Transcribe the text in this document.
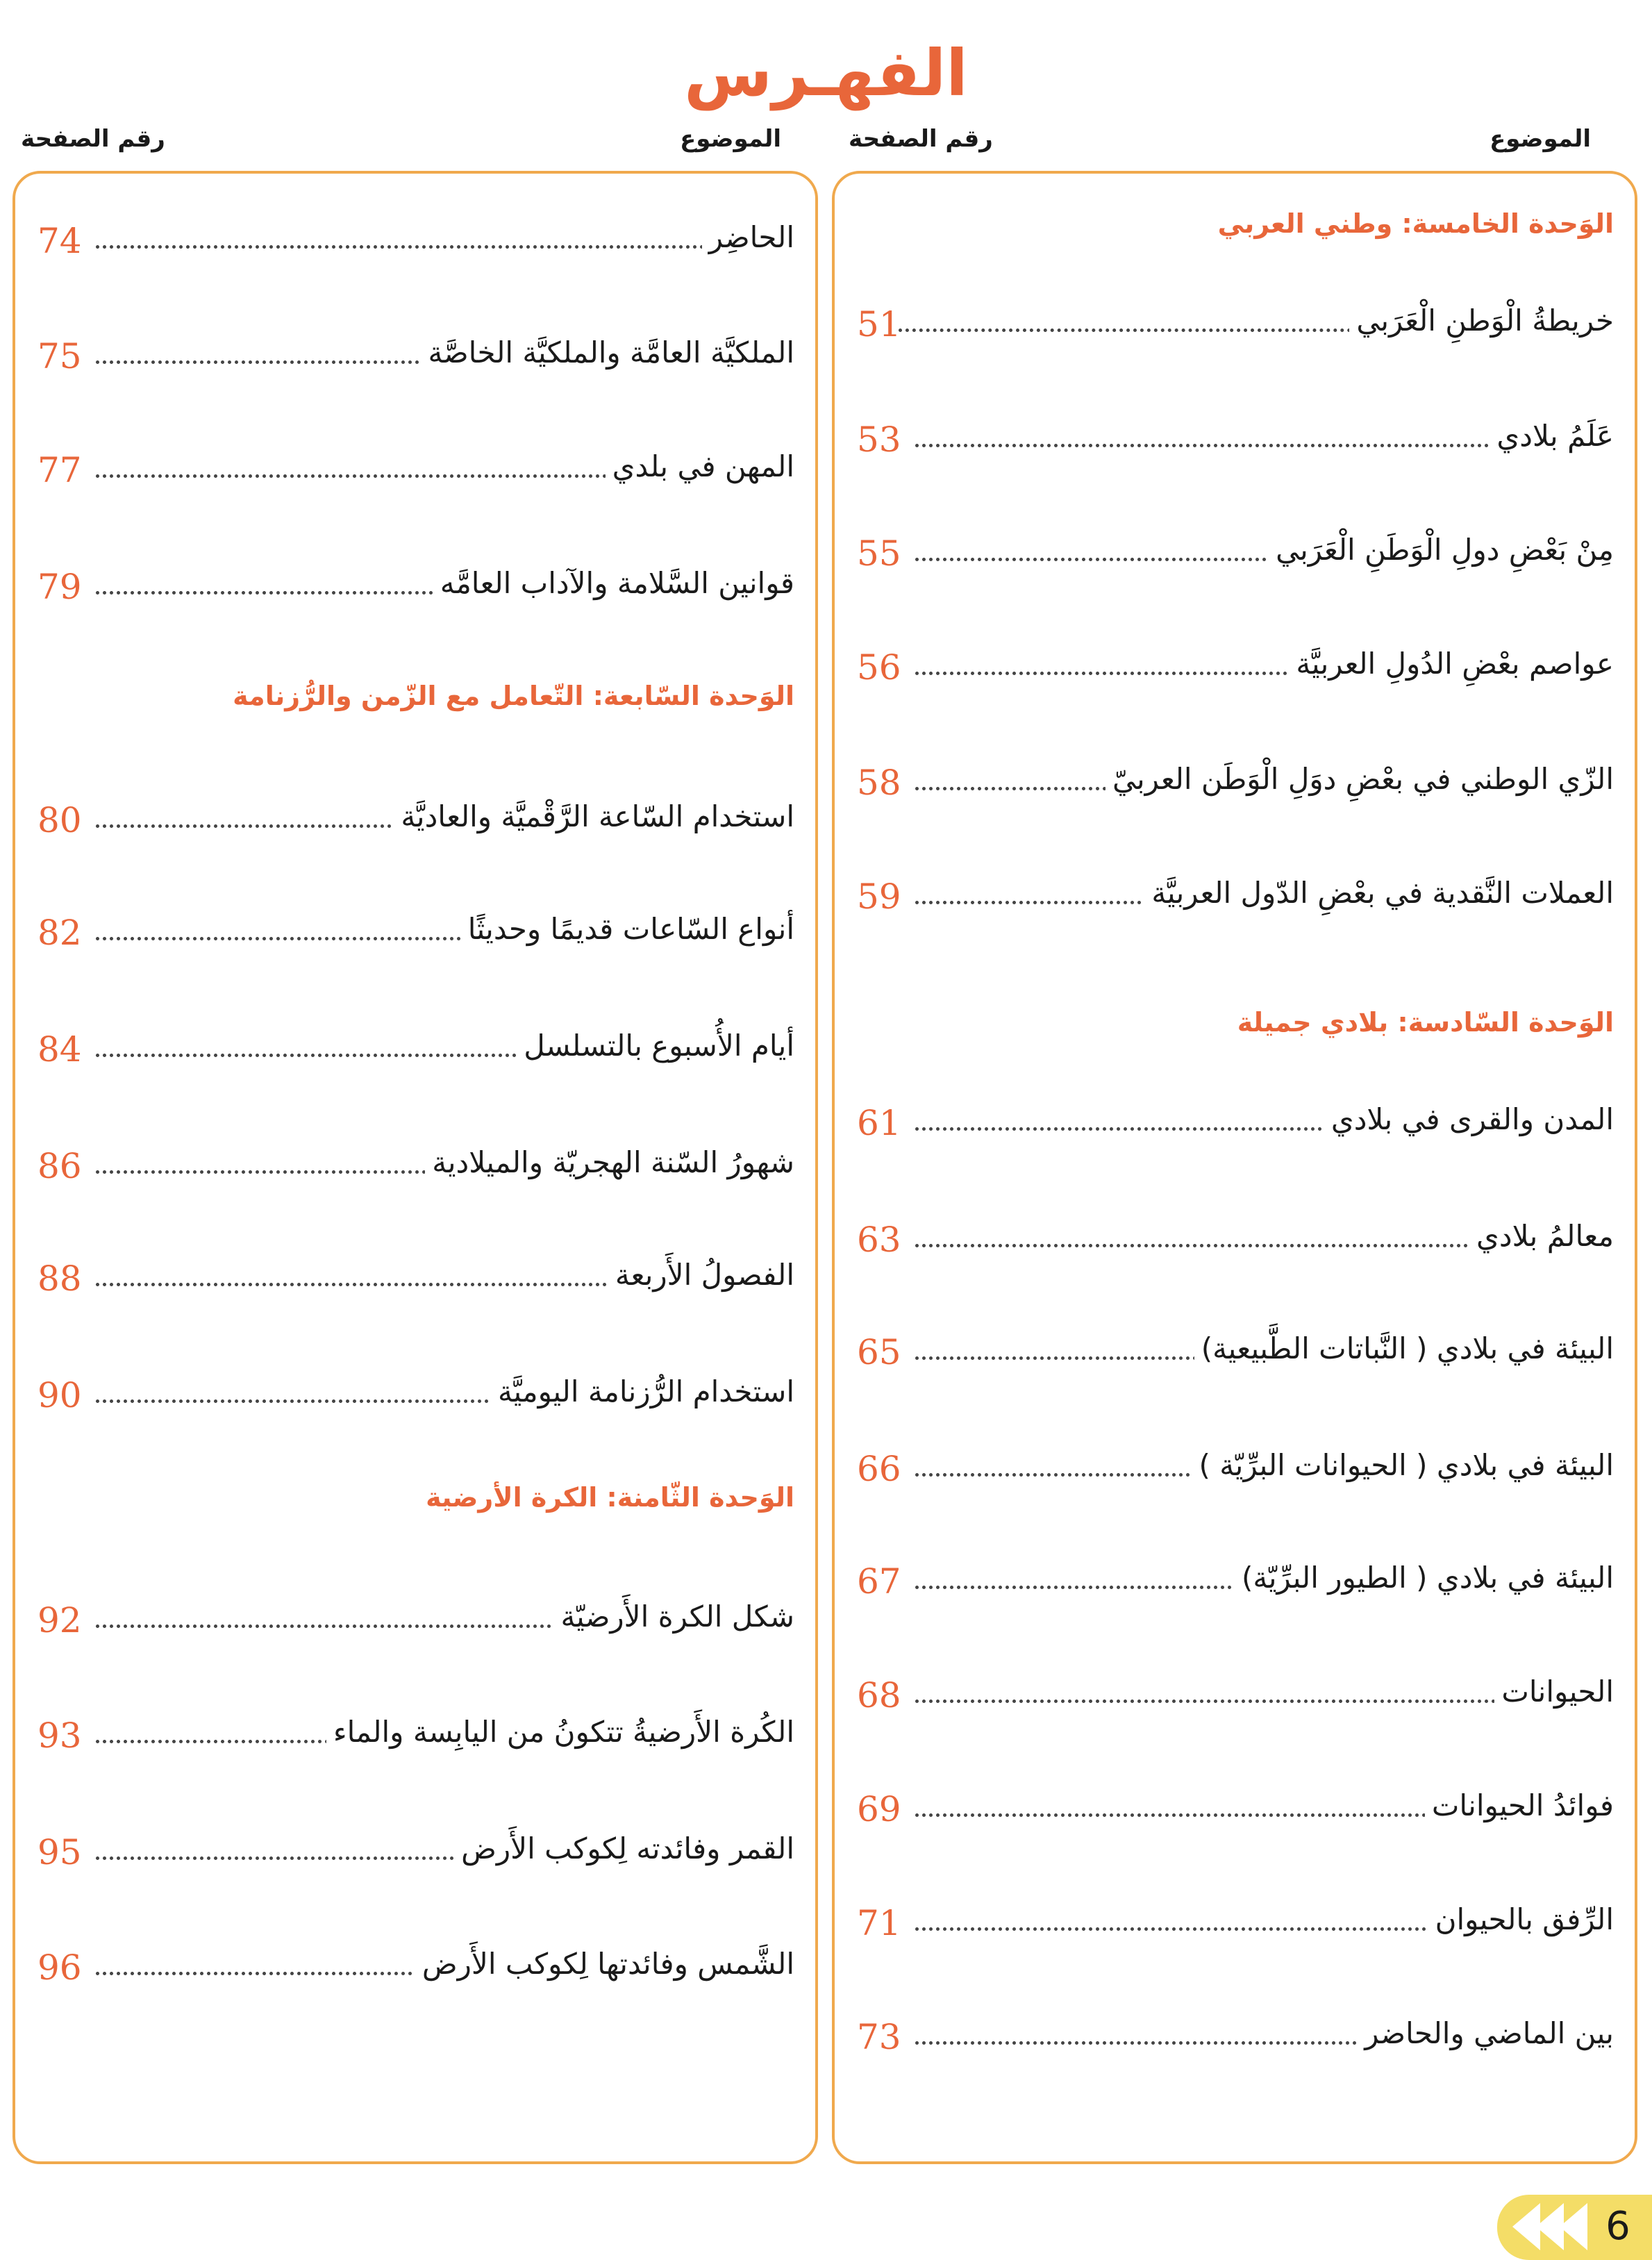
الفهـرس
الموضوع
رقم الصفحة
الموضوع
رقم الصفحة
الوَحدة الخامسة: وطني العربي
51	خريطةُ الْوَطنِ الْعَرَبي
53	عَلَمُ بلادي
55	مِنْ بَعْضِ دولِ الْوَطَنِ الْعَرَبي
56	عواصم بعْضِ الدُولِ العربيَّة
58	الزّي الوطني في بعْضِ دوَلِ الْوَطَن العربيّ
59	العملات النَّقدية في بعْضِ الدّول العربيَّة
الوَحدة السّادسة: بلادي جميلة
61	المدن والقرى في بلادي
63	معالمُ بلادي
65	البيئة في بلادي ( النَّباتات الطَّبيعية)
66	البيئة في بلادي ( الحيوانات البرِّيّة )
67	البيئة في بلادي ( الطيور البرِّيّة)
68	الحيوانات
69	فوائدُ الحيوانات
71	الرِّفق بالحيوان
73	بين الماضي والحاضر
74	الحاضِر
75	الملكيَّة العامَّة والملكيَّة الخاصَّة
77	المهن في بلدي
79	قوانين السَّلامة والآداب العامَّه
الوَحدة السّابعة: التّعامل مع الزّمن والرُّزنامة
80	استخدام السّاعة الرَّقْميَّة والعاديَّة
82	أنواع السّاعات قديمًا وحديثًا
84	أيام الأُسبوع بالتسلسل
86	شهورُ السّنة الهجريّة والميلادية
88	الفصولُ الأَربعة
90	استخدام الرُّزنامة اليوميَّة
الوَحدة الثّامنة: الكرة الأرضية
92	شكل الكرة الأَرضيّة
93	الكُرة الأَرضيةُ تتكونُ من اليابِسة والماء
95	القمر وفائدته لِكوكب الأَرض
96	الشَّمس وفائدتها لِكوكب الأَرض
6
